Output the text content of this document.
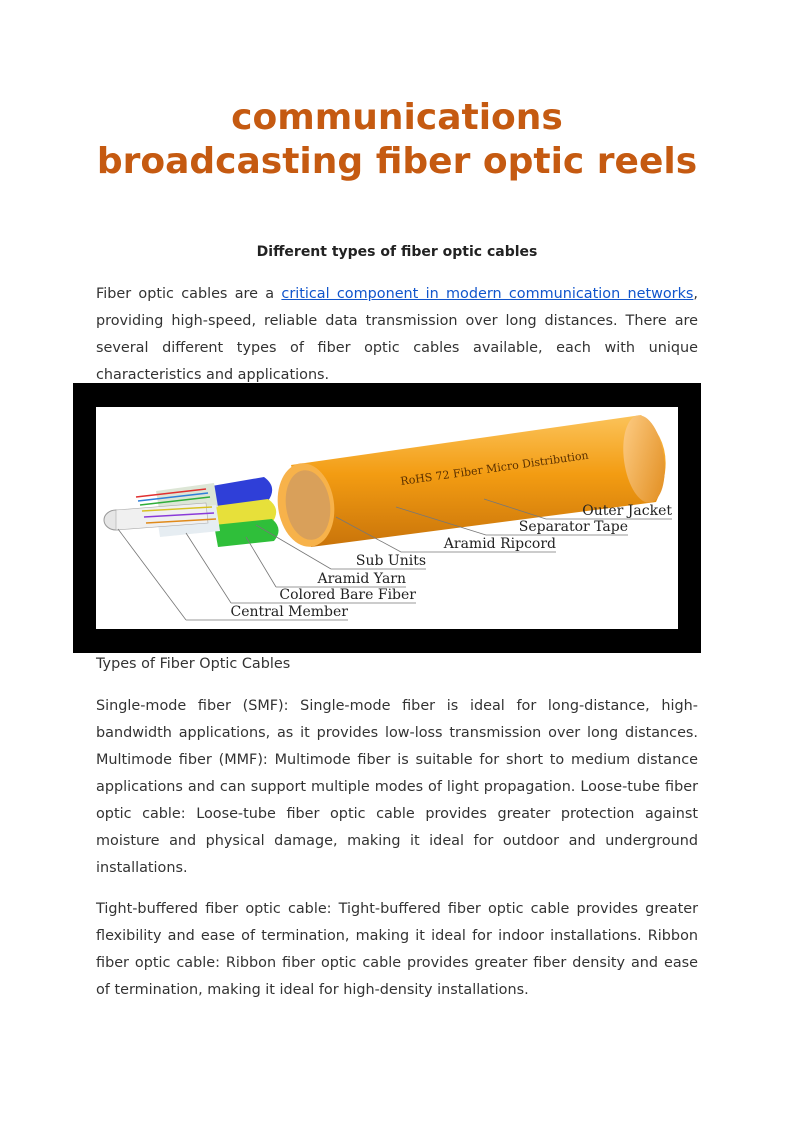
communications broadcasting fiber optic reels
Different types of fiber optic cables

Fiber optic cables are a critical component in modern communication networks, providing high-speed, reliable data transmission over long distances. There are several different types of fiber optic cables available, each with unique characteristics and applications.

RoHS 72 Fiber Micro Distribution
Outer Jacket
Separator Tape
Aramid Ripcord
Sub Units
Aramid Yarn
Colored Bare Fiber
Central Member
Types of Fiber Optic Cables

Single-mode fiber (SMF): Single-mode fiber is ideal for long-distance, high-bandwidth applications, as it provides low-loss transmission over long distances. Multimode fiber (MMF): Multimode fiber is suitable for short to medium distance applications and can support multiple modes of light propagation. Loose-tube fiber optic cable: Loose-tube fiber optic cable provides greater protection against moisture and physical damage, making it ideal for outdoor and underground installations.

Tight-buffered fiber optic cable: Tight-buffered fiber optic cable provides greater flexibility and ease of termination, making it ideal for indoor installations. Ribbon fiber optic cable: Ribbon fiber optic cable provides greater fiber density and ease of termination, making it ideal for high-density installations.
